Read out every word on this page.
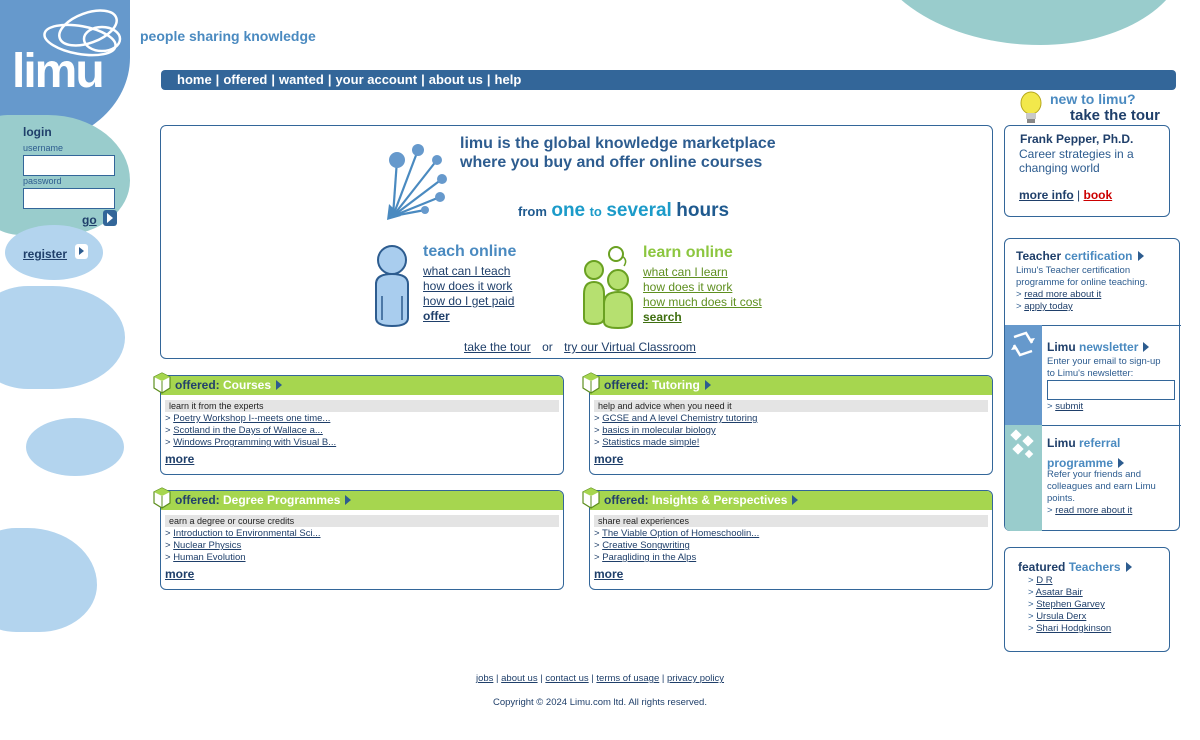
limu
people sharing knowledge
home | offered | wanted | your account | about us | help
login
username
password
go
register
limu is the global knowledge marketplace
where you buy and offer online courses
from one to several hours
teach online
what can I teach
how does it work
how do I get paid
offer
learn online
what can I learn
how does it work
how much does it cost
search
take the tour or try our Virtual Classroom
offered: Courses
learn it from the experts
> Poetry Workshop I--meets one time...
> Scotland in the Days of Wallace a...
> Windows Programming with Visual B...
more
offered: Tutoring
help and advice when you need it
> GCSE and A level Chemistry tutoring
> basics in molecular biology
> Statistics made simple!
more
offered: Degree Programmes
earn a degree or course credits
> Introduction to Environmental Sci...
> Nuclear Physics
> Human Evolution
more
offered: Insights & Perspectives
share real experiences
> The Viable Option of Homeschoolin...
> Creative Songwriting
> Paragliding in the Alps
more
new to limu?
take the tour
Frank Pepper, Ph.D.
Career strategies in a
changing world
more info | book
Teacher certification
Limu's Teacher certification
programme for online teaching.
> read more about it
> apply today
Limu newsletter
Enter your email to sign-up
to Limu's newsletter:
> submit
Limu referral
programme
Refer your friends and
colleagues and earn Limu
points.
> read more about it
featured Teachers
> D R
> Asatar Bair
> Stephen Garvey
> Ursula Derx
> Shari Hodgkinson
jobs | about us | contact us | terms of usage | privacy policy
Copyright © 2024 Limu.com ltd. All rights reserved.
